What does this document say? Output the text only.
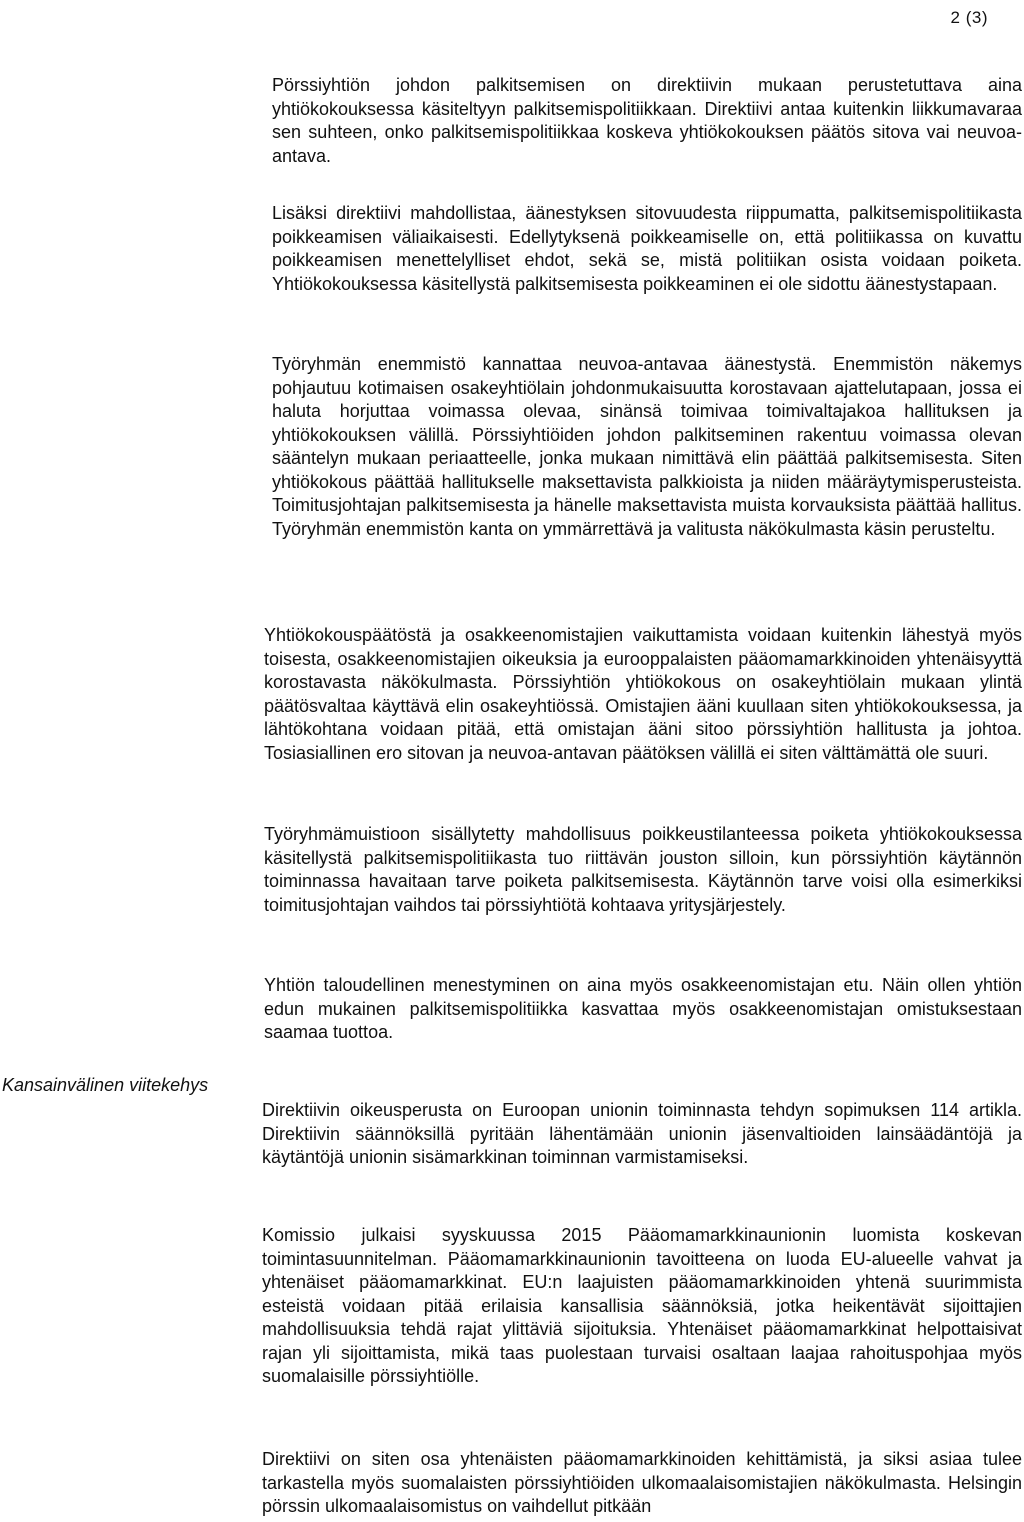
2 (3)
Kansainvälinen viitekehys

Pörssiyhtiön johdon palkitsemisen on direktiivin mukaan perustetuttava aina yhtiökokouksessa käsiteltyyn palkitsemispolitiikkaan. Direktiivi antaa kuitenkin liikkumavaraa sen suhteen, onko palkitsemispolitiikkaa koskeva yhtiökokouksen päätös sitova vai neuvoa-antava.

Lisäksi direktiivi mahdollistaa, äänestyksen sitovuudesta riippumatta, palkitsemispolitiikasta poikkeamisen väliaikaisesti. Edellytyksenä poikkeamiselle on, että politiikassa on kuvattu poikkeamisen menettelylliset ehdot, sekä se, mistä politiikan osista voidaan poiketa. Yhtiökokouksessa käsitellystä palkitsemisesta poikkeaminen ei ole sidottu äänestystapaan.

Työryhmän enemmistö kannattaa neuvoa-antavaa äänestystä. Enemmistön näkemys pohjautuu kotimaisen osakeyhtiölain johdonmukaisuutta korostavaan ajattelutapaan, jossa ei haluta horjuttaa voimassa olevaa, sinänsä toimivaa toimivaltajakoa hallituksen ja yhtiökokouksen välillä. Pörssiyhtiöiden johdon palkitseminen rakentuu voimassa olevan sääntelyn mukaan periaatteelle, jonka mukaan nimittävä elin päättää palkitsemisesta. Siten yhtiökokous päättää hallitukselle maksettavista palkkioista ja niiden määräytymisperusteista. Toimitusjohtajan palkitsemisesta ja hänelle maksettavista muista korvauksista päättää hallitus. Työryhmän enemmistön kanta on ymmärrettävä ja valitusta näkökulmasta käsin perusteltu.

Yhtiökokouspäätöstä ja osakkeenomistajien vaikuttamista voidaan kuitenkin lähestyä myös toisesta, osakkeenomistajien oikeuksia ja eurooppalaisten pääomamarkkinoiden yhtenäisyyttä korostavasta näkökulmasta. Pörssiyhtiön yhtiökokous on osakeyhtiölain mukaan ylintä päätösvaltaa käyttävä elin osakeyhtiössä. Omistajien ääni kuullaan siten yhtiökokouksessa, ja lähtökohtana voidaan pitää, että omistajan ääni sitoo pörssiyhtiön hallitusta ja johtoa. Tosiasiallinen ero sitovan ja neuvoa-antavan päätöksen välillä ei siten välttämättä ole suuri.

Työryhmämuistioon sisällytetty mahdollisuus poikkeustilanteessa poiketa yhtiökokouksessa käsitellystä palkitsemispolitiikasta tuo riittävän jouston silloin, kun pörssiyhtiön käytännön toiminnassa havaitaan tarve poiketa palkitsemisesta. Käytännön tarve voisi olla esimerkiksi toimitusjohtajan vaihdos tai pörssiyhtiötä kohtaava yritysjärjestely.

Yhtiön taloudellinen menestyminen on aina myös osakkeenomistajan etu. Näin ollen yhtiön edun mukainen palkitsemispolitiikka kasvattaa myös osakkeenomistajan omistuksestaan saamaa tuottoa.

Direktiivin oikeusperusta on Euroopan unionin toiminnasta tehdyn sopimuksen 114 artikla. Direktiivin säännöksillä pyritään lähentämään unionin jäsenvaltioiden lainsäädäntöjä ja käytäntöjä unionin sisämarkkinan toiminnan varmistamiseksi.

Komissio julkaisi syyskuussa 2015 Pääomamarkkinaunionin luomista koskevan toimintasuunnitelman. Pääomamarkkinaunionin tavoitteena on luoda EU-alueelle vahvat ja yhtenäiset pääomamarkkinat. EU:n laajuisten pääomamarkkinoiden yhtenä suurimmista esteistä voidaan pitää erilaisia kansallisia säännöksiä, jotka heikentävät sijoittajien mahdollisuuksia tehdä rajat ylittäviä sijoituksia. Yhtenäiset pääomamarkkinat helpottaisivat rajan yli sijoittamista, mikä taas puolestaan turvaisi osaltaan laajaa rahoituspohjaa myös suomalaisille pörssiyhtiölle.

Direktiivi on siten osa yhtenäisten pääomamarkkinoiden kehittämistä, ja siksi asiaa tulee tarkastella myös suomalaisten pörssiyhtiöiden ulkomaalaisomistajien näkökulmasta. Helsingin pörssin ulkomaalaisomistus on vaihdellut pitkään
